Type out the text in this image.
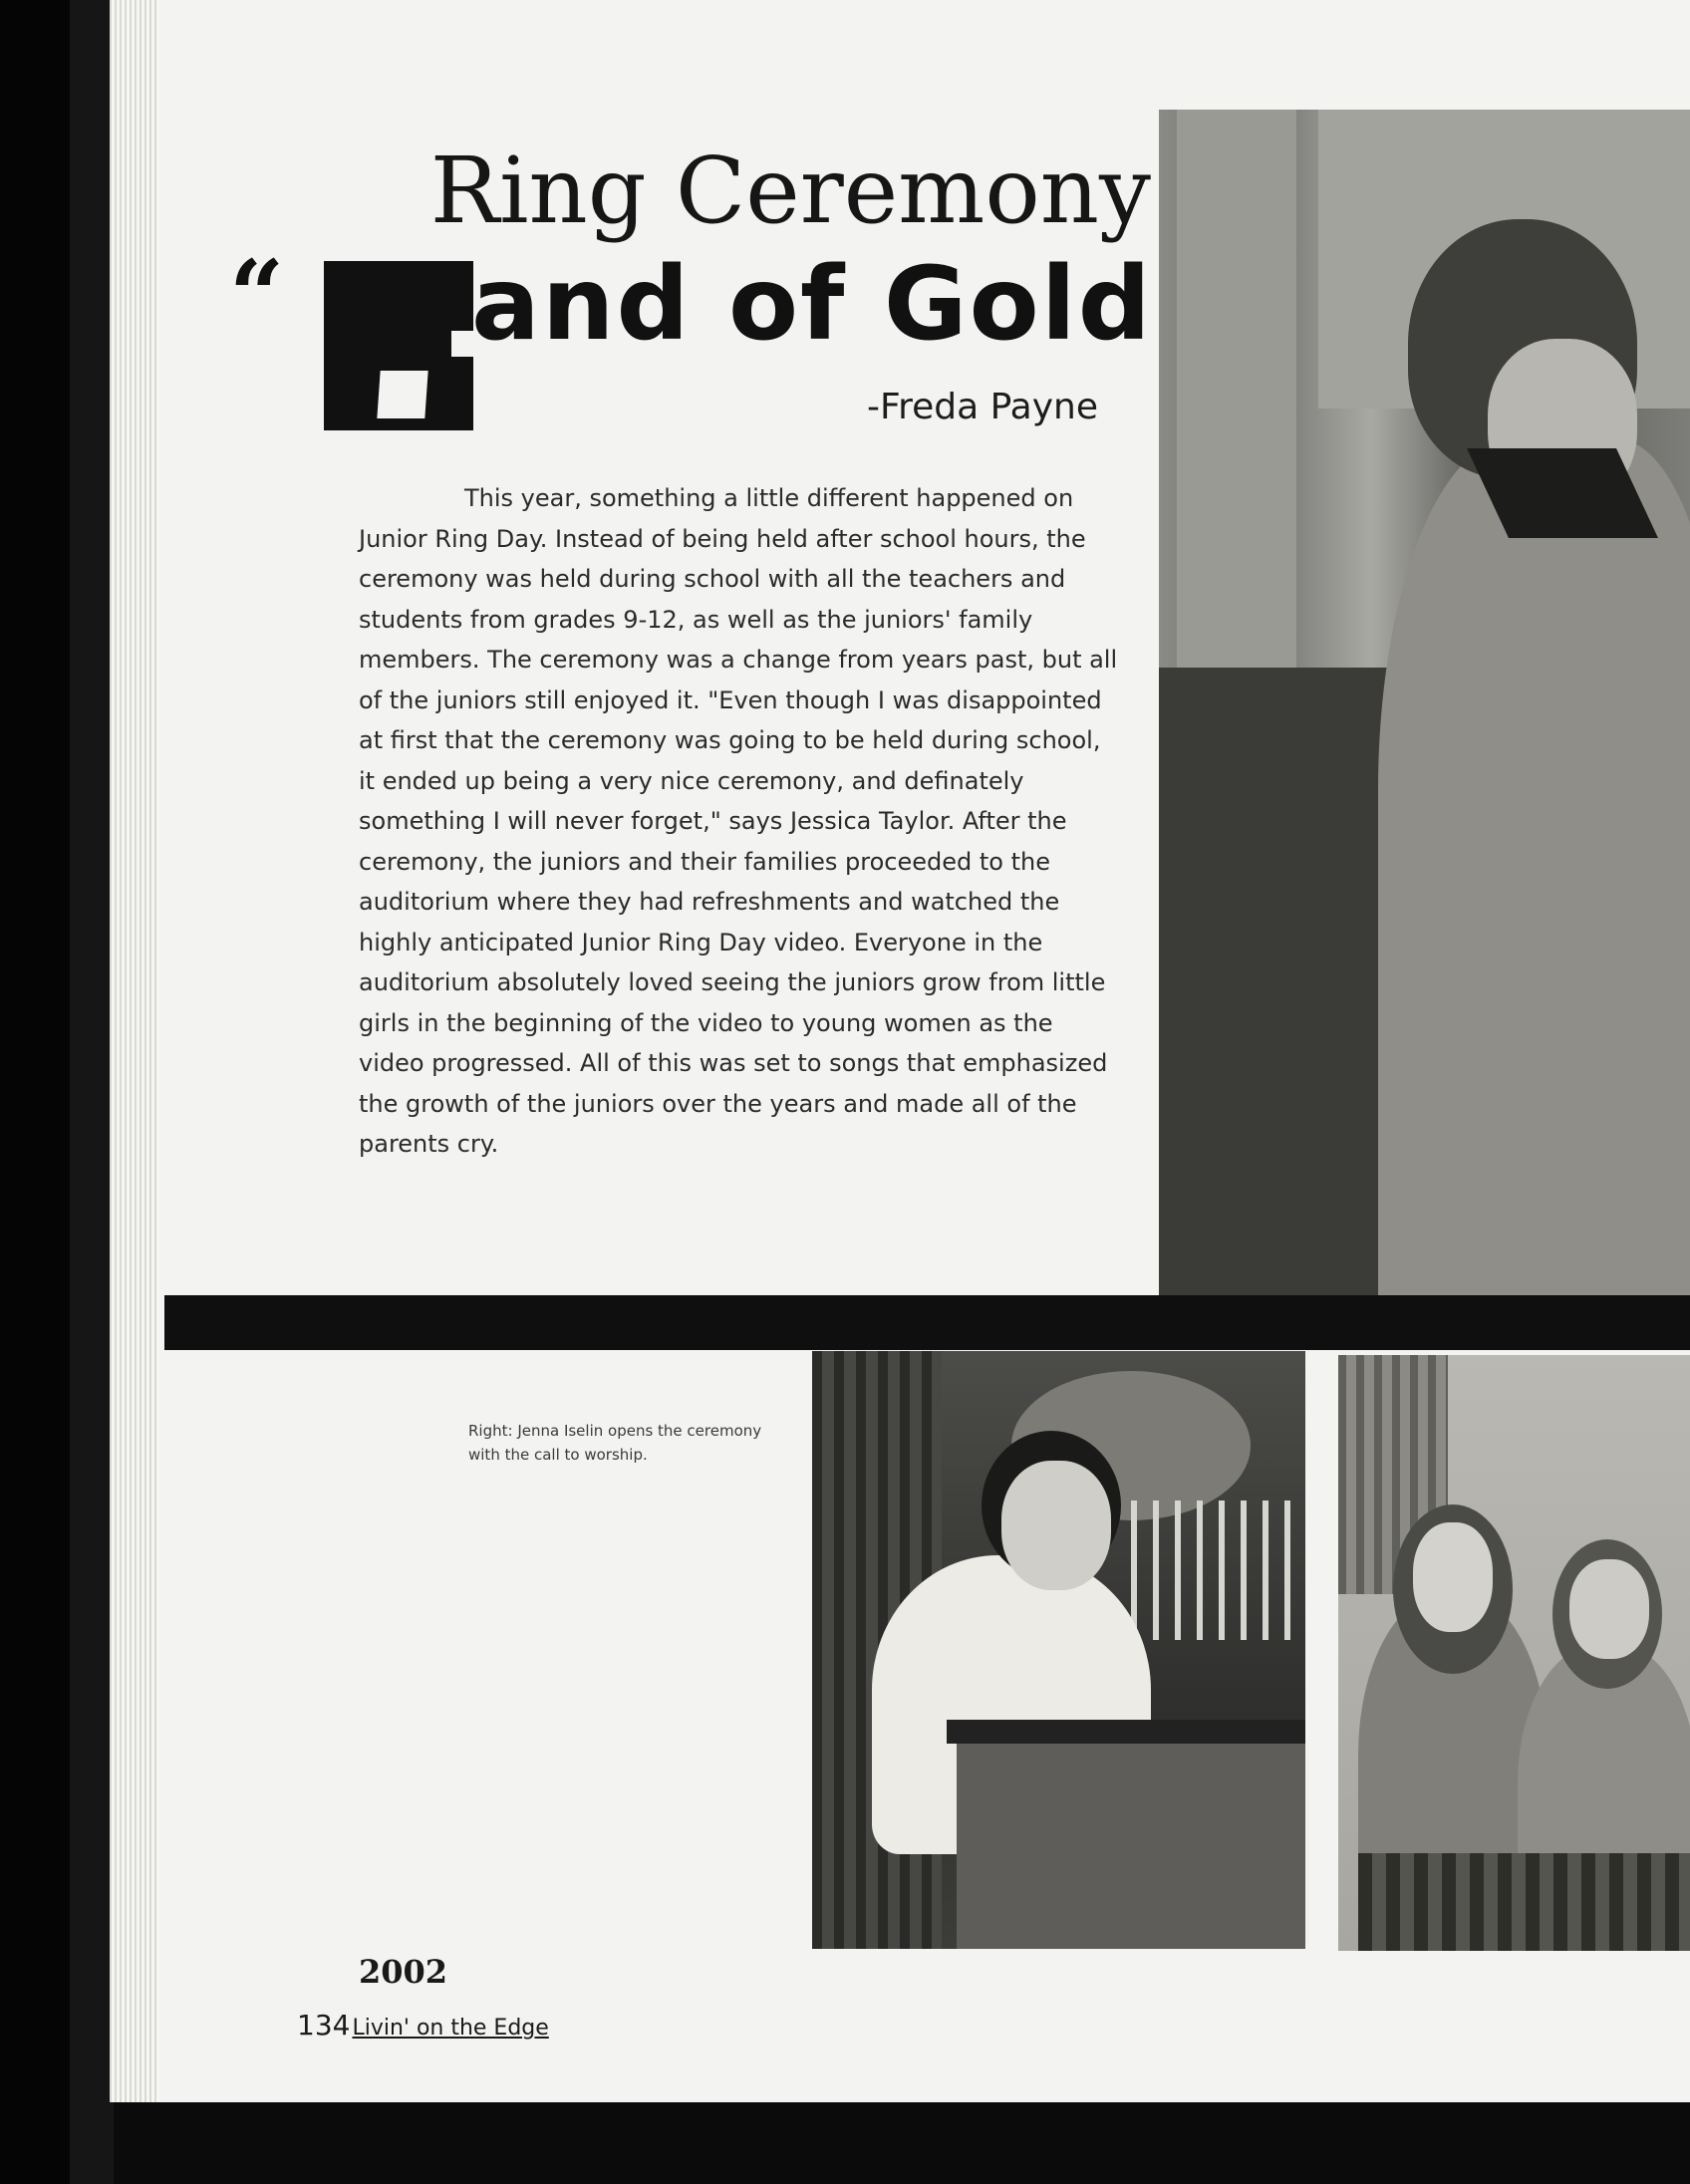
Ring Ceremony
“ and of Gold

-Freda Payne

This year, something a little different happened on Junior Ring Day. Instead of being held after school hours, the ceremony was held during school with all the teachers and students from grades 9-12, as well as the juniors' family members. The ceremony was a change from years past, but all of the juniors still enjoyed it. "Even though I was disappointed at first that the ceremony was going to be held during school, it ended up being a very nice ceremony, and definately something I will never forget," says Jessica Taylor. After the ceremony, the juniors and their families proceeded to the auditorium where they had refreshments and watched the highly anticipated Junior Ring Day video. Everyone in the auditorium absolutely loved seeing the juniors grow from little girls in the beginning of the video to young women as the video progressed. All of this was set to songs that emphasized the growth of the juniors over the years and made all of the parents cry.

Right: Jenna Iselin opens the ceremony with the call to worship.

2002

134Livin' on the Edge
